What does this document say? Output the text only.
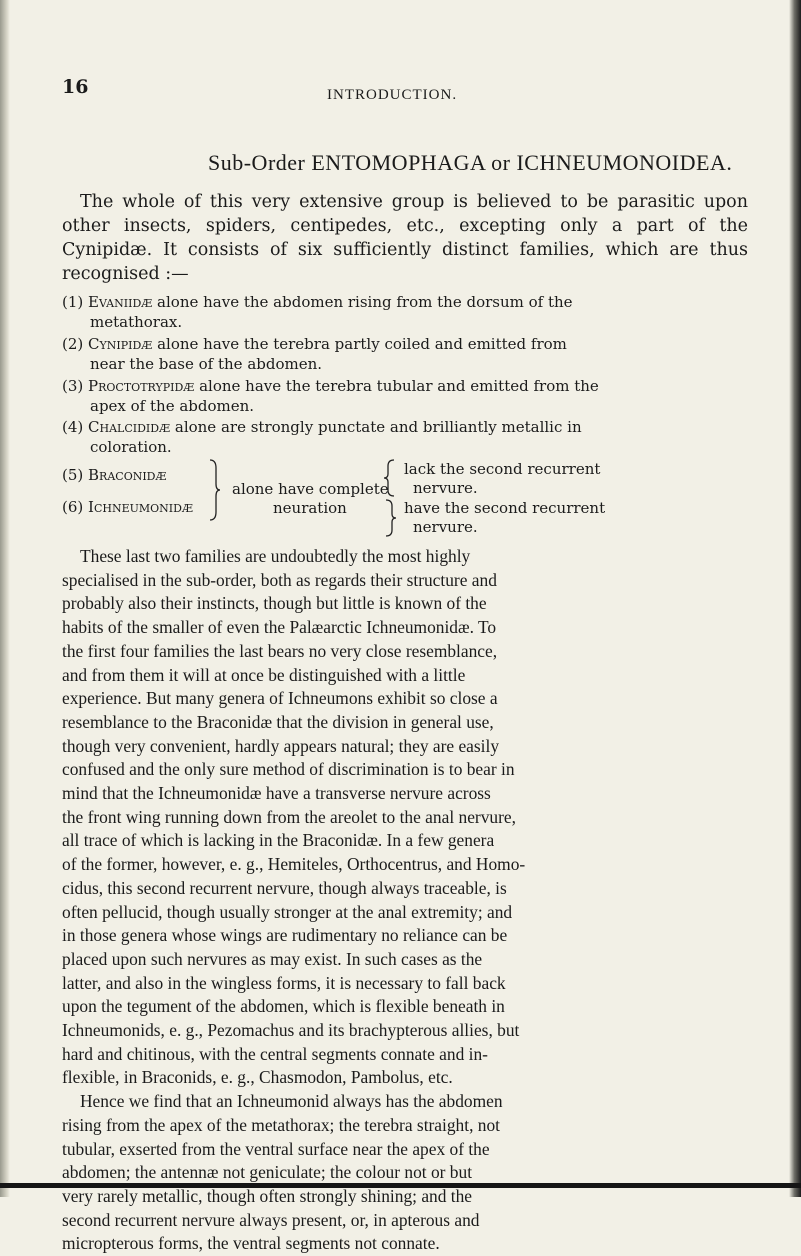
16	INTRODUCTION.
Sub-Order ENTOMOPHAGA or ICHNEUMONOIDEA.
The whole of this very extensive group is believed to be parasitic upon other insects, spiders, centipedes, etc., excepting only a part of the Cynipidæ. It consists of six sufficiently distinct families, which are thus recognised :—
(1) Evaniidæ alone have the abdomen rising from the dorsum of the
metathorax.
(2) Cynipidæ alone have the terebra partly coiled and emitted from
near the base of the abdomen.
(3) Proctotrypidæ alone have the terebra tubular and emitted from the
apex of the abdomen.
(4) Chalcididæ alone are strongly punctate and brilliantly metallic in
coloration.
(5) Braconidæ
(6) Ichneumonidæ
alone have complete
neuration
lack the second recurrent
nervure.
have the second recurrent
nervure.
These last two families are undoubtedly the most highly
specialised in the sub-order, both as regards their structure and
probably also their instincts, though but little is known of the
habits of the smaller of even the Palæarctic Ichneumonidæ. To
the first four families the last bears no very close resemblance,
and from them it will at once be distinguished with a little
experience. But many genera of Ichneumons exhibit so close a
resemblance to the Braconidæ that the division in general use,
though very convenient, hardly appears natural; they are easily
confused and the only sure method of discrimination is to bear in
mind that the Ichneumonidæ have a transverse nervure across
the front wing running down from the areolet to the anal nervure,
all trace of which is lacking in the Braconidæ. In a few genera
of the former, however, e. g., Hemiteles, Orthocentrus, and Homo-
cidus, this second recurrent nervure, though always traceable, is
often pellucid, though usually stronger at the anal extremity; and
in those genera whose wings are rudimentary no reliance can be
placed upon such nervures as may exist. In such cases as the
latter, and also in the wingless forms, it is necessary to fall back
upon the tegument of the abdomen, which is flexible beneath in
Ichneumonids, e. g., Pezomachus and its brachypterous allies, but
hard and chitinous, with the central segments connate and in-
flexible, in Braconids, e. g., Chasmodon, Pambolus, etc.
Hence we find that an Ichneumonid always has the abdomen
rising from the apex of the metathorax; the terebra straight, not
tubular, exserted from the ventral surface near the apex of the
abdomen; the antennæ not geniculate; the colour not or but
very rarely metallic, though often strongly shining; and the
second recurrent nervure always present, or, in apterous and
micropterous forms, the ventral segments not connate.
